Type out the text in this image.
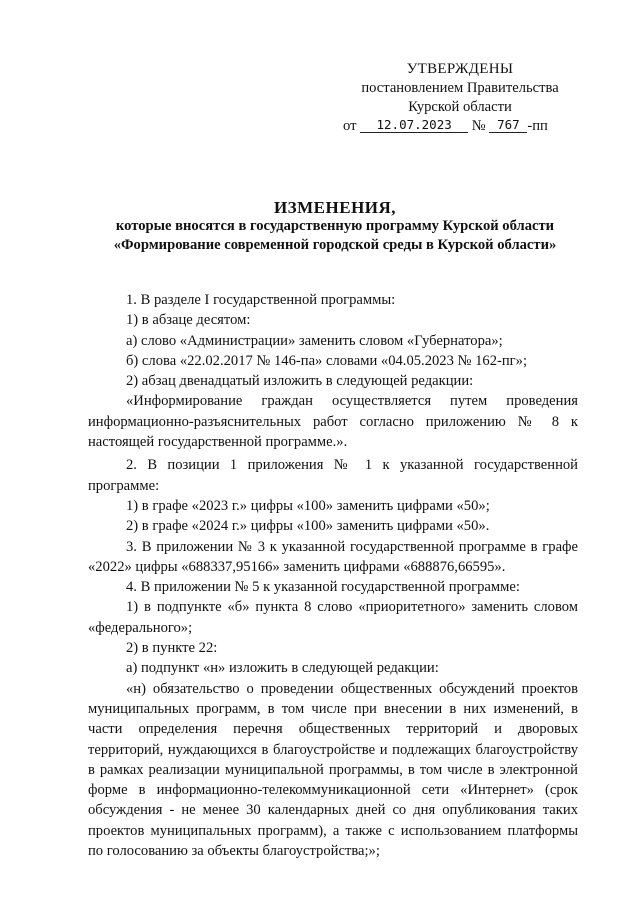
УТВЕРЖДЕНЫ
постановлением Правительства
Курской области
от 12.07.2023 № 767 -пп
ИЗМЕНЕНИЯ,
которые вносятся в государственную программу Курской области
«Формирование современной городской среды в Курской области»

1. В разделе I государственной программы:

1) в абзаце десятом:

а) слово «Администрации» заменить словом «Губернатора»;

б) слова «22.02.2017 № 146-па» словами «04.05.2023 № 162-пг»;

2) абзац двенадцатый изложить в следующей редакции:

«Информирование граждан осуществляется путем проведения информационно-разъяснительных работ согласно приложению № 8 к настоящей государственной программе.».

2. В позиции 1 приложения № 1 к указанной государственной программе:

1) в графе «2023 г.» цифры «100» заменить цифрами «50»;

2) в графе «2024 г.» цифры «100» заменить цифрами «50».

3. В приложении № 3 к указанной государственной программе в графе «2022» цифры «688337,95166» заменить цифрами «688876,66595».

4. В приложении № 5 к указанной государственной программе:

1) в подпункте «б» пункта 8 слово «приоритетного» заменить словом «федерального»;

2) в пункте 22:

а) подпункт «н» изложить в следующей редакции:

«н) обязательство о проведении общественных обсуждений проектов муниципальных программ, в том числе при внесении в них изменений, в части определения перечня общественных территорий и дворовых территорий, нуждающихся в благоустройстве и подлежащих благоустройству в рамках реализации муниципальной программы, в том числе в электронной форме в информационно-телекоммуникационной сети «Интернет» (срок обсуждения - не менее 30 календарных дней со дня опубликования таких проектов муниципальных программ), а также с использованием платформы по голосованию за объекты благоустройства;»;
